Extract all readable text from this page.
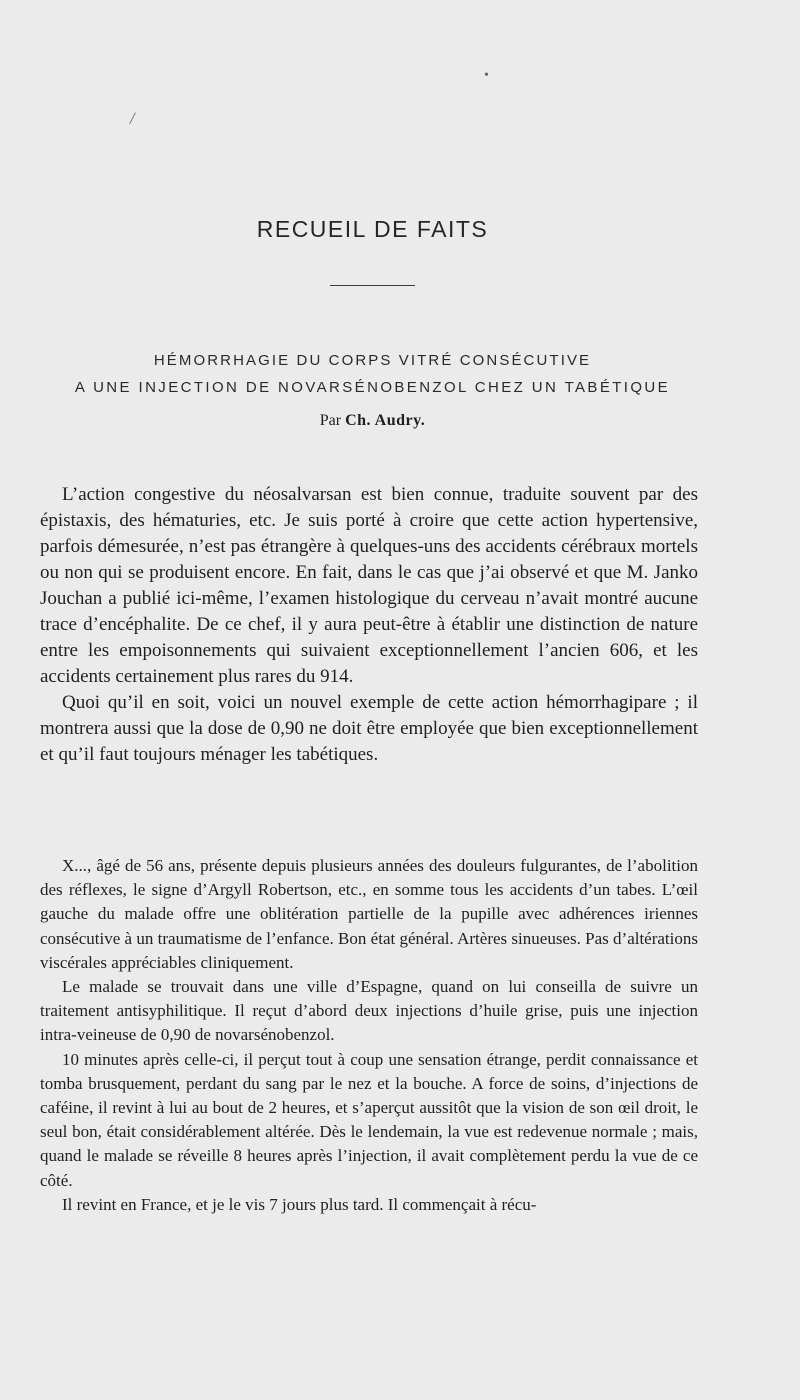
/
•
RECUEIL DE FAITS
HÉMORRHAGIE DU CORPS VITRÉ CONSÉCUTIVE
A UNE INJECTION DE NOVARSÉNOBENZOL CHEZ UN TABÉTIQUE
Par Ch. Audry.

L’action congestive du néosalvarsan est bien connue, traduite souvent par des épistaxis, des hématuries, etc. Je suis porté à croire que cette action hypertensive, parfois démesurée, n’est pas étrangère à quelques-uns des accidents cérébraux mortels ou non qui se produisent encore. En fait, dans le cas que j’ai observé et que M. Janko Jouchan a publié ici-même, l’examen histologique du cerveau n’avait montré aucune trace d’encéphalite. De ce chef, il y aura peut-être à établir une distinction de nature entre les empoisonnements qui suivaient exceptionnellement l’ancien 606, et les accidents certainement plus rares du 914.

Quoi qu’il en soit, voici un nouvel exemple de cette action hémorrhagipare ; il montrera aussi que la dose de 0,90 ne doit être employée que bien exceptionnellement et qu’il faut toujours ménager les tabétiques.

X..., âgé de 56 ans, présente depuis plusieurs années des douleurs fulgurantes, de l’abolition des réflexes, le signe d’Argyll Robertson, etc., en somme tous les accidents d’un tabes. L’œil gauche du malade offre une oblitération partielle de la pupille avec adhérences iriennes consécutive à un traumatisme de l’enfance. Bon état général. Artères sinueuses. Pas d’altérations viscérales appréciables cliniquement.

Le malade se trouvait dans une ville d’Espagne, quand on lui conseilla de suivre un traitement antisyphilitique. Il reçut d’abord deux injections d’huile grise, puis une injection intra-veineuse de 0,90 de novarsénobenzol.

10 minutes après celle-ci, il perçut tout à coup une sensation étrange, perdit connaissance et tomba brusquement, perdant du sang par le nez et la bouche. A force de soins, d’injections de caféine, il revint à lui au bout de 2 heures, et s’aperçut aussitôt que la vision de son œil droit, le seul bon, était considérablement altérée. Dès le lendemain, la vue est redevenue normale ; mais, quand le malade se réveille 8 heures après l’injection, il avait complètement perdu la vue de ce côté.

Il revint en France, et je le vis 7 jours plus tard. Il commençait à récu-
